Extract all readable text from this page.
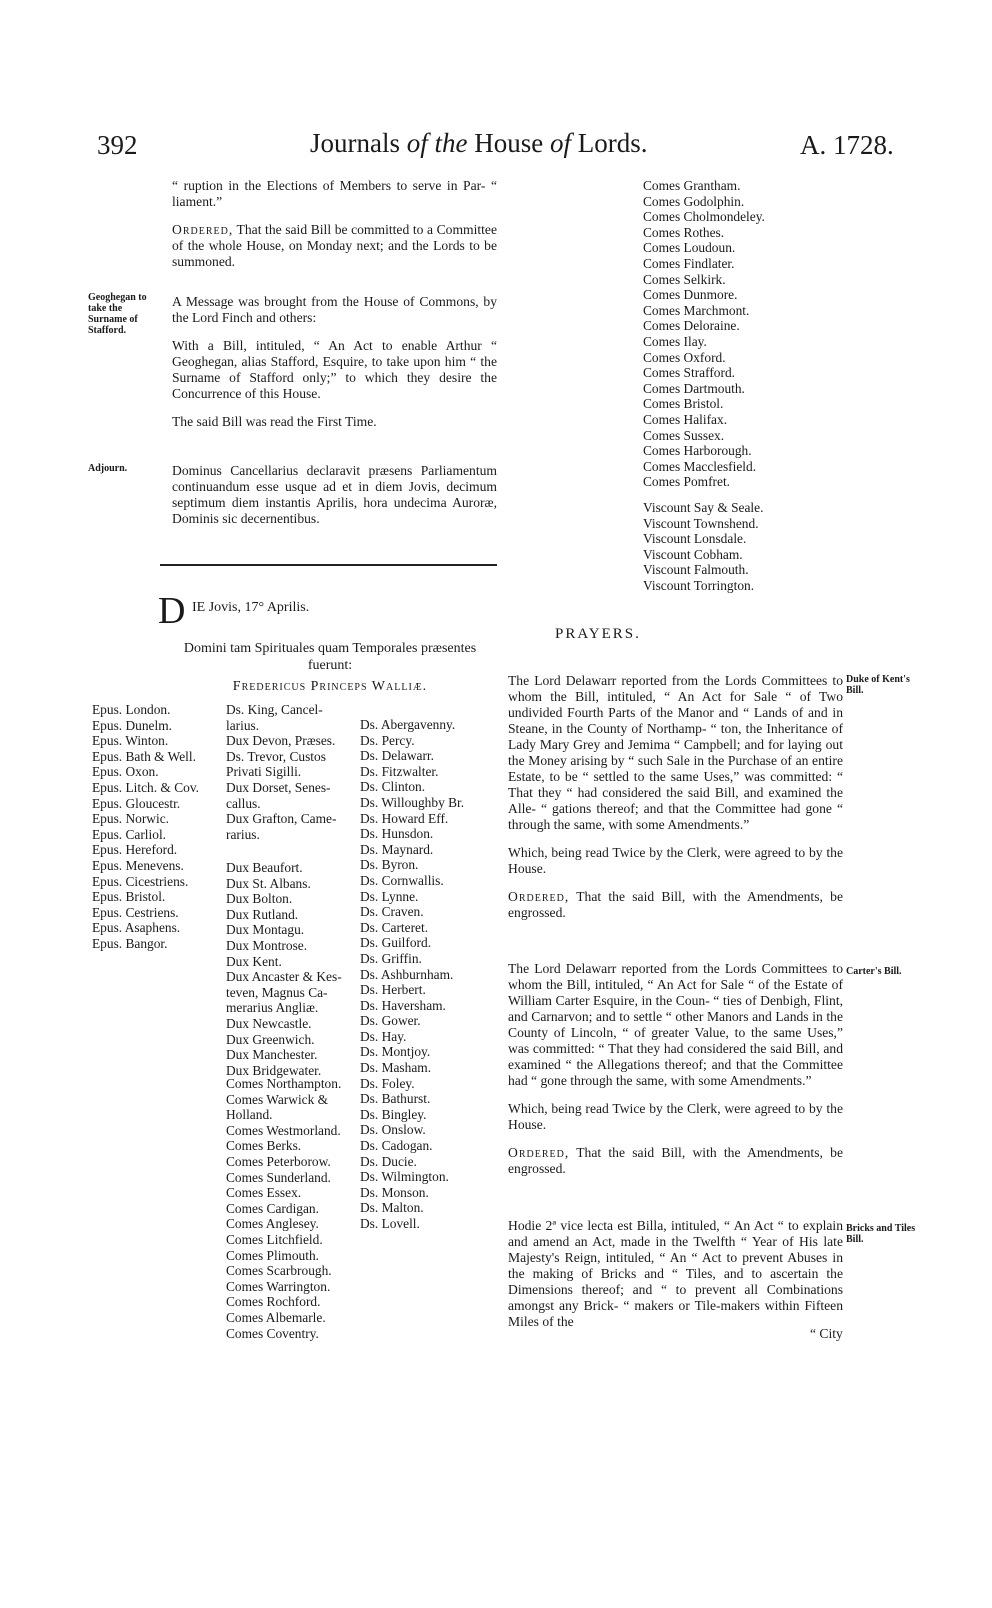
392	Journals of the House of Lords.	A. 1728.

“ ruption in the Elections of Members to serve in Par- “ liament.”

Ordered, That the said Bill be committed to a Committee of the whole House, on Monday next; and the Lords to be summoned.

Geoghegan to take the Surname of Stafford.

A Message was brought from the House of Commons, by the Lord Finch and others:

With a Bill, intituled, “ An Act to enable Arthur “ Geoghegan, alias Stafford, Esquire, to take upon him “ the Surname of Stafford only;” to which they desire the Concurrence of this House.

The said Bill was read the First Time.

Adjourn.	Dominus Cancellarius declaravit præsens Parliamentum continuandum esse usque ad et in diem Jovis, decimum septimum diem instantis Aprilis, hora undecima Auroræ, Dominis sic decernentibus.

D IE Jovis, 17° Aprilis.
Domini tam Spirituales quam Temporales præsentes
fuerunt:
Fredericus Princeps Walliæ.
Epus. London.
Epus. Dunelm.
Epus. Winton.
Epus. Bath & Well.
Epus. Oxon.
Epus. Litch. & Cov.
Epus. Gloucestr.
Epus. Norwic.
Epus. Carliol.
Epus. Hereford.
Epus. Menevens.
Epus. Cicestriens.
Epus. Bristol.
Epus. Cestriens.
Epus. Asaphens.
Epus. Bangor.
Ds. King, Cancel-
larius.
Dux Devon, Præses.
Ds. Trevor, Custos
Privati Sigilli.
Dux Dorset, Senes-
callus.
Dux Grafton, Came-
rarius.
Dux Beaufort.
Dux St. Albans.
Dux Bolton.
Dux Rutland.
Dux Montagu.
Dux Montrose.
Dux Kent.
Dux Ancaster & Kes-
teven, Magnus Ca-
merarius Angliæ.
Dux Newcastle.
Dux Greenwich.
Dux Manchester.
Dux Bridgewater.
Comes Northampton.
Comes Warwick &
Holland.
Comes Westmorland.
Comes Berks.
Comes Peterborow.
Comes Sunderland.
Comes Essex.
Comes Cardigan.
Comes Anglesey.
Comes Litchfield.
Comes Plimouth.
Comes Scarbrough.
Comes Warrington.
Comes Rochford.
Comes Albemarle.
Comes Coventry.
Ds. Abergavenny.
Ds. Percy.
Ds. Delawarr.
Ds. Fitzwalter.
Ds. Clinton.
Ds. Willoughby Br.
Ds. Howard Eff.
Ds. Hunsdon.
Ds. Maynard.
Ds. Byron.
Ds. Cornwallis.
Ds. Lynne.
Ds. Craven.
Ds. Carteret.
Ds. Guilford.
Ds. Griffin.
Ds. Ashburnham.
Ds. Herbert.
Ds. Haversham.
Ds. Gower.
Ds. Hay.
Ds. Montjoy.
Ds. Masham.
Ds. Foley.
Ds. Bathurst.
Ds. Bingley.
Ds. Onslow.
Ds. Cadogan.
Ds. Ducie.
Ds. Wilmington.
Ds. Monson.
Ds. Malton.
Ds. Lovell.
Comes Grantham.
Comes Godolphin.
Comes Cholmondeley.
Comes Rothes.
Comes Loudoun.
Comes Findlater.
Comes Selkirk.
Comes Dunmore.
Comes Marchmont.
Comes Deloraine.
Comes Ilay.
Comes Oxford.
Comes Strafford.
Comes Dartmouth.
Comes Bristol.
Comes Halifax.
Comes Sussex.
Comes Harborough.
Comes Macclesfield.
Comes Pomfret.
Viscount Say & Seale.
Viscount Townshend.
Viscount Lonsdale.
Viscount Cobham.
Viscount Falmouth.
Viscount Torrington.
PRAYERS.
Duke of Kent's Bill.

The Lord Delawarr reported from the Lords Committees to whom the Bill, intituled, “ An Act for Sale “ of Two undivided Fourth Parts of the Manor and “ Lands of and in Steane, in the County of Northamp- “ ton, the Inheritance of Lady Mary Grey and Jemima “ Campbell; and for laying out the Money arising by “ such Sale in the Purchase of an entire Estate, to be “ settled to the same Uses,” was committed: “ That they “ had considered the said Bill, and examined the Alle- “ gations thereof; and that the Committee had gone “ through the same, with some Amendments.”

Which, being read Twice by the Clerk, were agreed to by the House.

Ordered, That the said Bill, with the Amendments, be engrossed.

Carter's Bill.

The Lord Delawarr reported from the Lords Committees to whom the Bill, intituled, “ An Act for Sale “ of the Estate of William Carter Esquire, in the Coun- “ ties of Denbigh, Flint, and Carnarvon; and to settle “ other Manors and Lands in the County of Lincoln, “ of greater Value, to the same Uses,” was committed: “ That they had considered the said Bill, and examined “ the Allegations thereof; and that the Committee had “ gone through the same, with some Amendments.”

Which, being read Twice by the Clerk, were agreed to by the House.

Ordered, That the said Bill, with the Amendments, be engrossed.

Bricks and Tiles Bill.

Hodie 2ª vice lecta est Billa, intituled, “ An Act “ to explain and amend an Act, made in the Twelfth “ Year of His late Majesty's Reign, intituled, “ An “ Act to prevent Abuses in the making of Bricks and “ Tiles, and to ascertain the Dimensions thereof; and “ to prevent all Combinations amongst any Brick- “ makers or Tile-makers within Fifteen Miles of the

“ City
